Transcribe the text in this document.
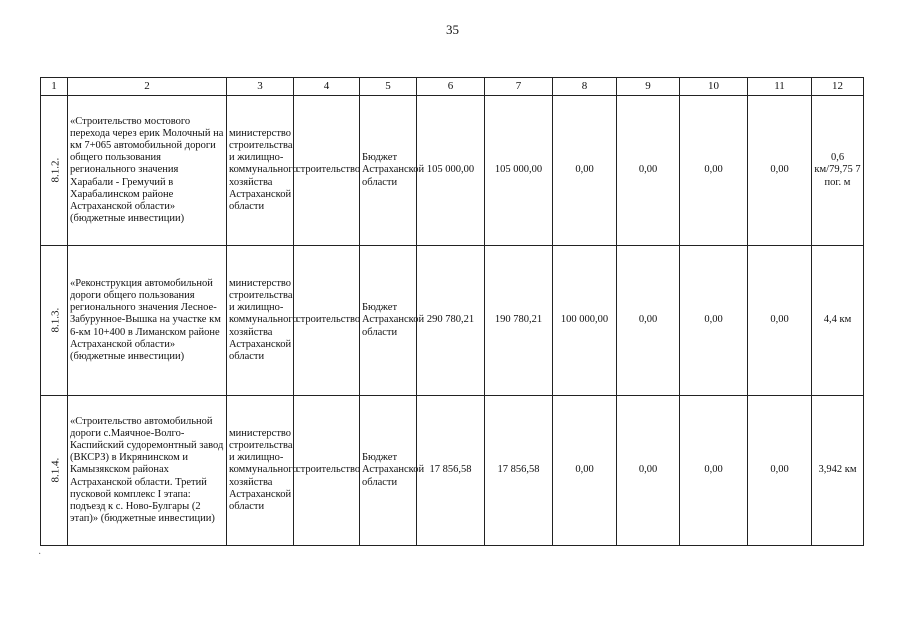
35
1	2	3	4	5	6	7	8	9	10	11	12
8.1.2.	«Строительство мостового перехода через ерик Молочный на км 7+065 автомобильной дороги общего пользования регионального значения Харабали - Гремучий в Харабалинском районе Астраханской области» (бюджетные инвестиции)	министерство строительства и жилищно-коммунального хозяйства Астраханской области	строительство	Бюджет Астраханской области	105 000,00	105 000,00	0,00	0,00	0,00	0,00	0,6 км/79,75 7 пог. м
8.1.3.	«Реконструкция автомобильной дороги общего пользования регионального значения Лесное-Забурунное-Вышка на участке км 6-км 10+400 в Лиманском районе Астраханской области» (бюджетные инвестиции)	министерство строительства и жилищно-коммунального хозяйства Астраханской области	строительство	Бюджет Астраханской области	290 780,21	190 780,21	100 000,00	0,00	0,00	0,00	4,4 км
8.1.4.	«Строительство автомобильной дороги с.Маячное-Волго-Каспийский судоремонтный завод (ВКСРЗ) в Икрянинском и Камызякском районах Астраханской области. Третий пусковой комплекс I этапа: подъезд к с. Ново-Булгары (2 этап)» (бюджетные инвестиции)	министерство строительства и жилищно-коммунального хозяйства Астраханской области	строительство	Бюджет Астраханской области	17 856,58	17 856,58	0,00	0,00	0,00	0,00	3,942 км
·
